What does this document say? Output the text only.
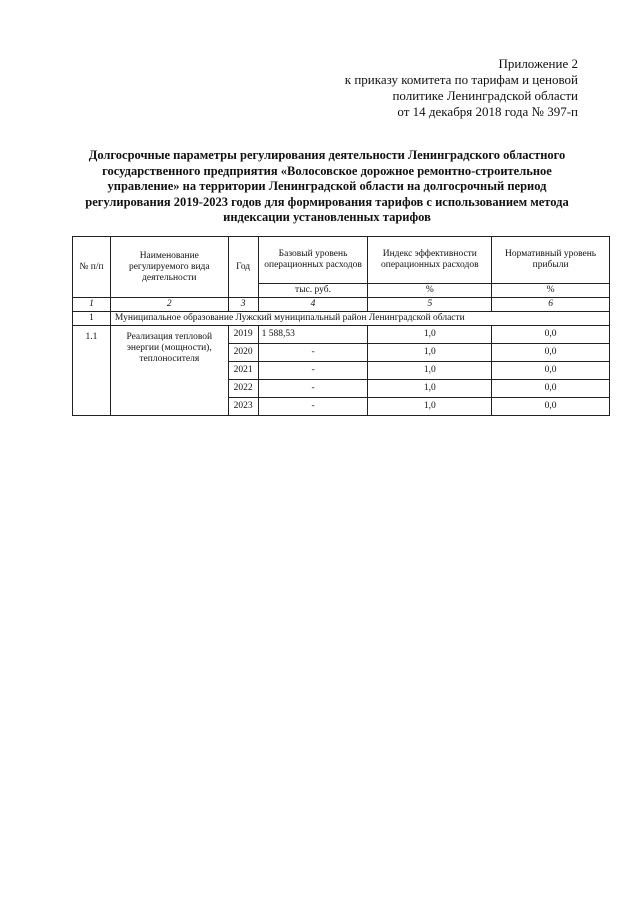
Приложение 2
к приказу комитета по тарифам и ценовой
политике Ленинградской области
от 14 декабря 2018 года № 397-п
Долгосрочные параметры регулирования деятельности Ленинградского областного
государственного предприятия «Волосовское дорожное ремонтно-строительное
управление» на территории Ленинградской области на долгосрочный период
регулирования 2019-2023 годов для формирования тарифов с использованием метода
индексации установленных тарифов
№ п/п	Наименование регулируемого вида деятельности	Год	Базовый уровень операционных расходов	Индекс эффективности операционных расходов	Нормативный уровень прибыли
			тыс. руб.	%	%
1	2	3	4	5	6
1	Муниципальное образование Лужский муниципальный район Ленинградской области				
1.1	Реализация тепловой энергии (мощности), теплоносителя	2019	1 588,53	1,0	0,0
		2020	-	1,0	0,0
		2021	-	1,0	0,0
		2022	-	1,0	0,0
		2023	-	1,0	0,0
